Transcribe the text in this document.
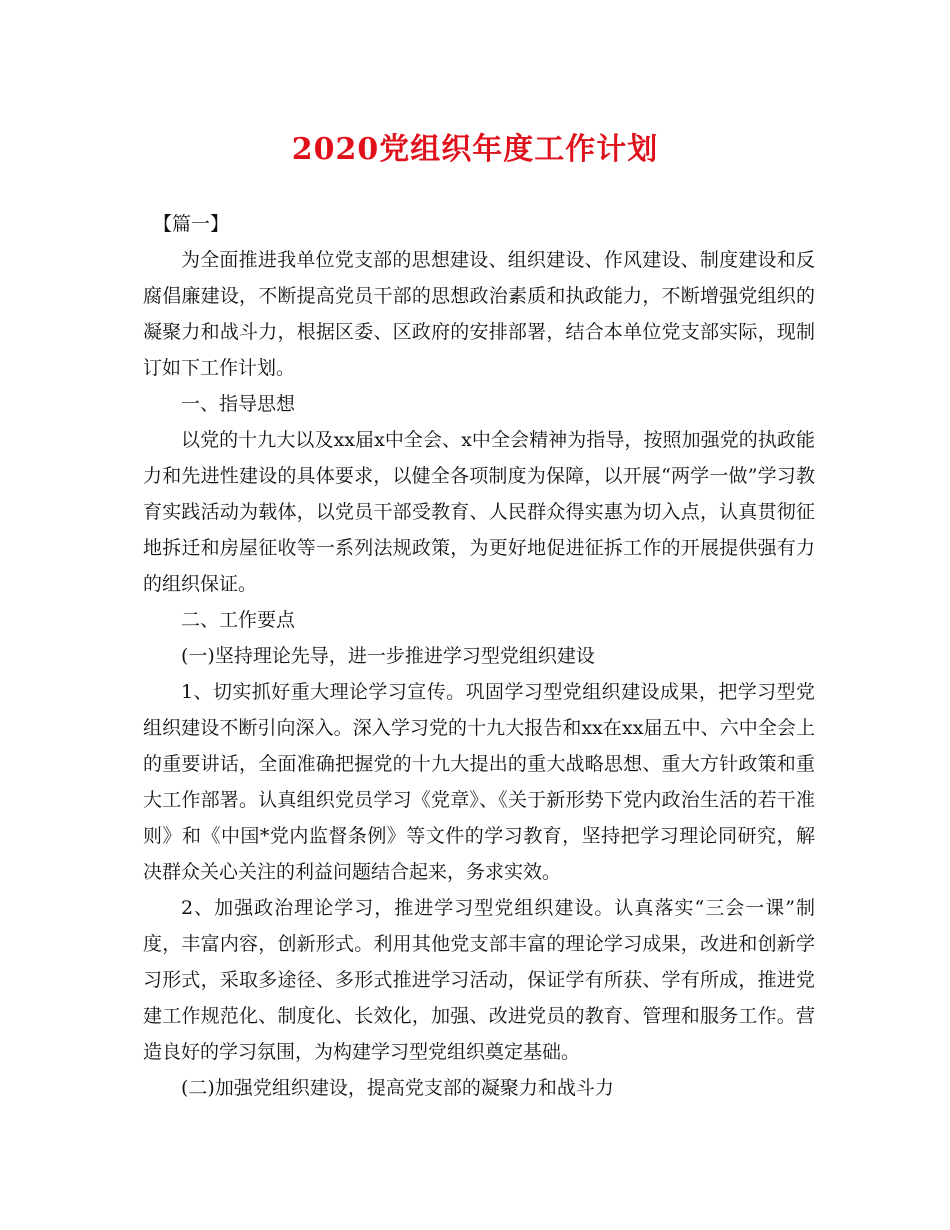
2020党组织年度工作计划

【篇一】

为全面推进我单位党支部的思想建设、组织建设、作风建设、制度建设和反腐倡廉建设，不断提高党员干部的思想政治素质和执政能力，不断增强党组织的凝聚力和战斗力，根据区委、区政府的安排部署，结合本单位党支部实际，现制订如下工作计划。

一、指导思想

以党的十九大以及xx届x中全会、x中全会精神为指导，按照加强党的执政能力和先进性建设的具体要求，以健全各项制度为保障，以开展“两学一做”学习教育实践活动为载体，以党员干部受教育、人民群众得实惠为切入点，认真贯彻征地拆迁和房屋征收等一系列法规政策，为更好地促进征拆工作的开展提供强有力的组织保证。

二、工作要点

(一)坚持理论先导，进一步推进学习型党组织建设

1、切实抓好重大理论学习宣传。巩固学习型党组织建设成果，把学习型党组织建设不断引向深入。深入学习党的十九大报告和xx在xx届五中、六中全会上的重要讲话，全面准确把握党的十九大提出的重大战略思想、重大方针政策和重大工作部署。认真组织党员学习《党章》、《关于新形势下党内政治生活的若干准则》和《中国*党内监督条例》等文件的学习教育，坚持把学习理论同研究，解决群众关心关注的利益问题结合起来，务求实效。

2、加强政治理论学习，推进学习型党组织建设。认真落实“三会一课”制度，丰富内容，创新形式。利用其他党支部丰富的理论学习成果，改进和创新学习形式，采取多途径、多形式推进学习活动，保证学有所获、学有所成，推进党建工作规范化、制度化、长效化，加强、改进党员的教育、管理和服务工作。营造良好的学习氛围，为构建学习型党组织奠定基础。

(二)加强党组织建设，提高党支部的凝聚力和战斗力
